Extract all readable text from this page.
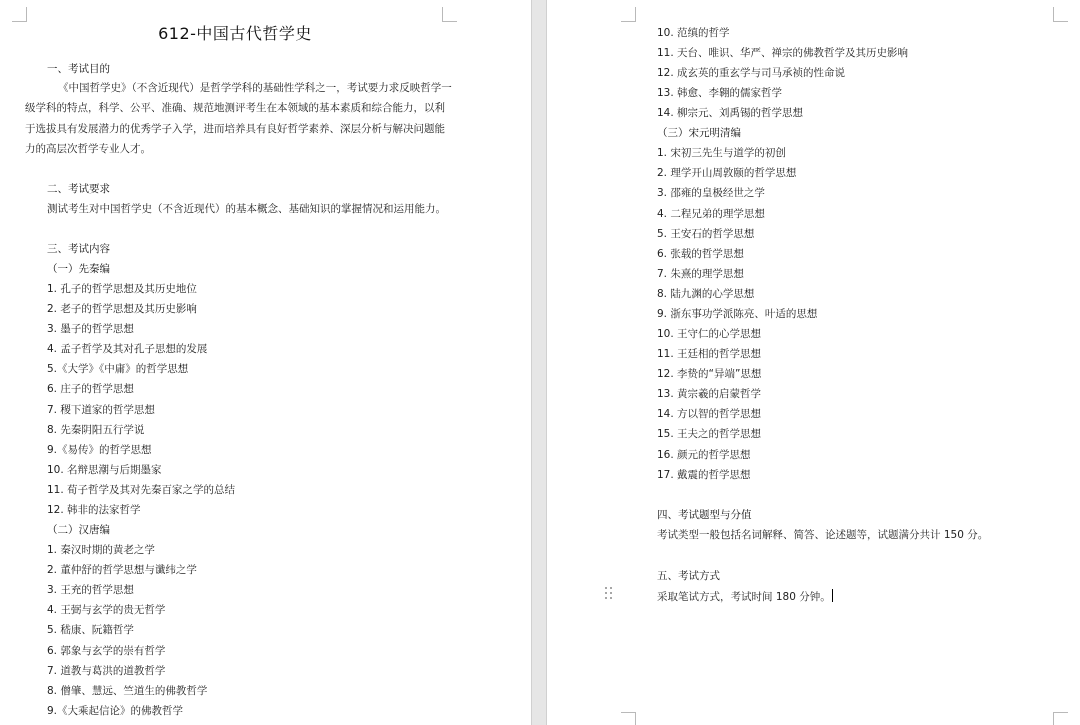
612-中国古代哲学史
一、考试目的
《中国哲学史》（不含近现代）是哲学学科的基础性学科之一，考试要力求反映哲学一
级学科的特点，科学、公平、准确、规范地测评考生在本领域的基本素质和综合能力，以利
于选拔具有发展潜力的优秀学子入学，进而培养具有良好哲学素养、深层分析与解决问题能
力的高层次哲学专业人才。
二、考试要求
测试考生对中国哲学史（不含近现代）的基本概念、基础知识的掌握情况和运用能力。
三、考试内容
（一）先秦编
1. 孔子的哲学思想及其历史地位
2. 老子的哲学思想及其历史影响
3. 墨子的哲学思想
4. 孟子哲学及其对孔子思想的发展
5.《大学》《中庸》的哲学思想
6. 庄子的哲学思想
7. 稷下道家的哲学思想
8. 先秦阴阳五行学说
9.《易传》的哲学思想
10. 名辩思潮与后期墨家
11. 荀子哲学及其对先秦百家之学的总结
12. 韩非的法家哲学
（二）汉唐编
1. 秦汉时期的黄老之学
2. 董仲舒的哲学思想与谶纬之学
3. 王充的哲学思想
4. 王弼与玄学的贵无哲学
5. 嵇康、阮籍哲学
6. 郭象与玄学的崇有哲学
7. 道教与葛洪的道教哲学
8. 僧肇、慧远、竺道生的佛教哲学
9.《大乘起信论》的佛教哲学
10. 范缜的哲学
11. 天台、唯识、华严、禅宗的佛教哲学及其历史影响
12. 成玄英的重玄学与司马承祯的性命说
13. 韩愈、李翱的儒家哲学
14. 柳宗元、刘禹锡的哲学思想
（三）宋元明清编
1. 宋初三先生与道学的初创
2. 理学开山周敦颐的哲学思想
3. 邵雍的皇极经世之学
4. 二程兄弟的理学思想
5. 王安石的哲学思想
6. 张载的哲学思想
7. 朱熹的理学思想
8. 陆九渊的心学思想
9. 浙东事功学派陈亮、叶适的思想
10. 王守仁的心学思想
11. 王廷相的哲学思想
12. 李贽的“异端”思想
13. 黄宗羲的启蒙哲学
14. 方以智的哲学思想
15. 王夫之的哲学思想
16. 颜元的哲学思想
17. 戴震的哲学思想
四、考试题型与分值
考试类型一般包括名词解释、简答、论述题等，试题满分共计 150 分。
五、考试方式
采取笔试方式，考试时间 180 分钟。
